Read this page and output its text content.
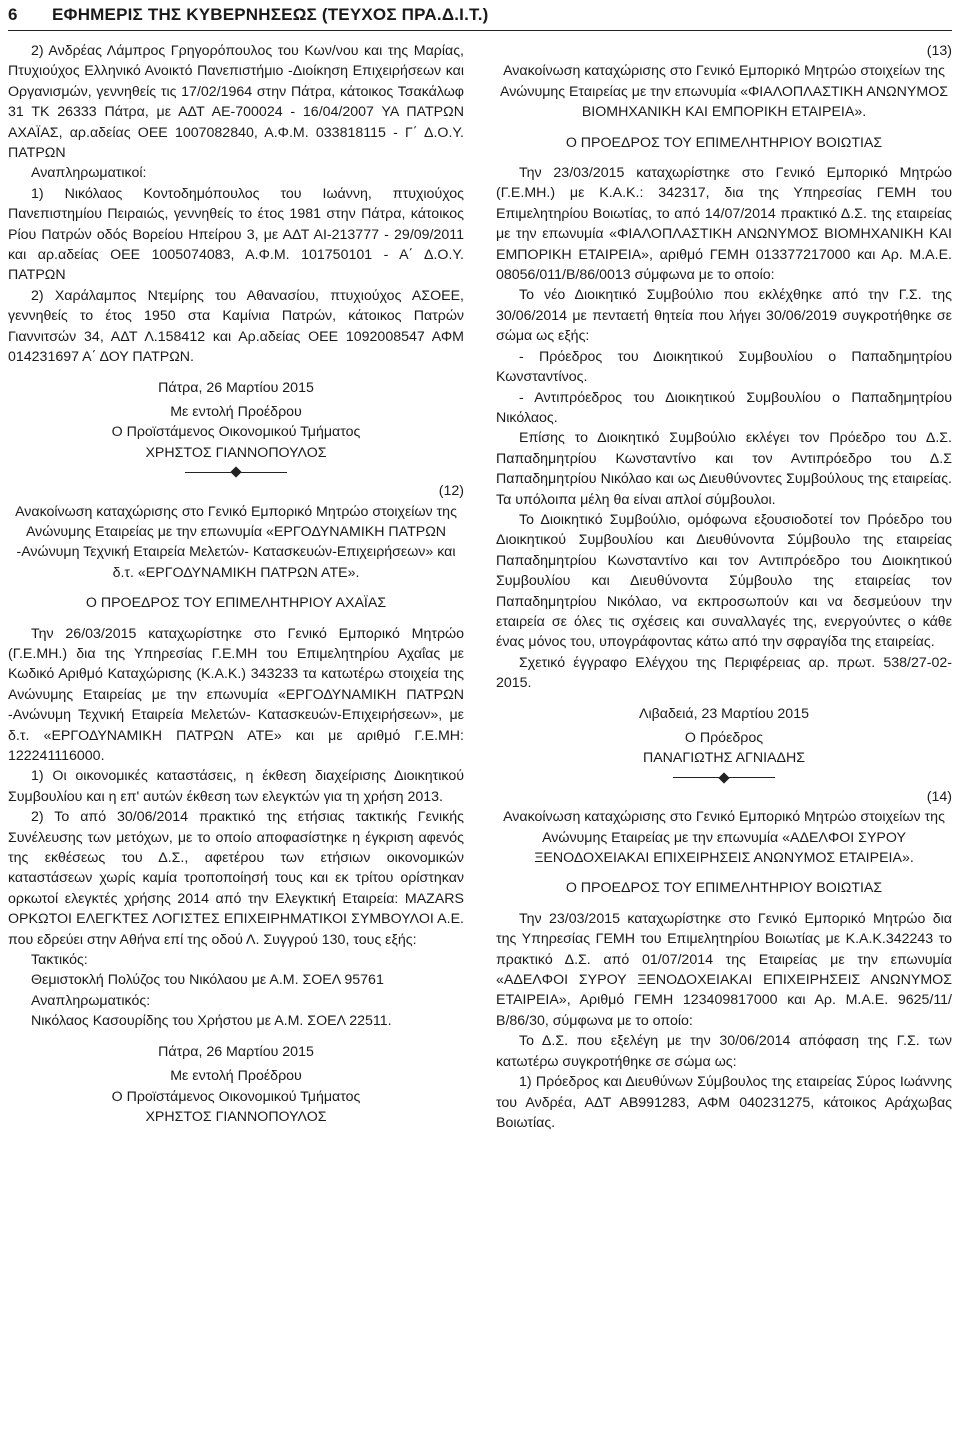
6	ΕΦΗΜΕΡΙΣ ΤΗΣ ΚΥΒΕΡΝΗΣΕΩΣ (ΤΕΥΧΟΣ ΠΡΑ.Δ.Ι.Τ.)

2) Ανδρέας Λάμπρος Γρηγορόπουλος του Κων/νου και της Μαρίας, Πτυχιούχος Ελληνικό Ανοικτό Πανεπιστήμιο -Διοίκηση Επιχειρήσεων και Οργανισμών, γεννηθείς τις 17/02/1964 στην Πάτρα, κάτοικος Τσακάλωφ 31 ΤΚ 26333 Πάτρα, με ΑΔΤ ΑΕ-700024 - 16/04/2007 ΥΑ ΠΑΤΡΩΝ ΑΧΑΪΑΣ, αρ.αδείας ΟΕΕ 1007082840, Α.Φ.Μ. 033818115 - Γ΄ Δ.Ο.Υ. ΠΑΤΡΩΝ

Αναπληρωματικοί:

1) Νικόλαος Κοντοδημόπουλος του Ιωάννη, πτυχιούχος Πανεπιστημίου Πειραιώς, γεννηθείς το έτος 1981 στην Πάτρα, κάτοικος Ρίου Πατρών οδός Βορείου Ηπείρου 3, με ΑΔΤ ΑΙ-213777 - 29/09/2011 και αρ.αδείας ΟΕΕ 1005074083, Α.Φ.Μ. 101750101 - Α΄ Δ.Ο.Υ. ΠΑΤΡΩΝ

2) Χαράλαμπος Ντεμίρης του Αθανασίου, πτυχιούχος ΑΣΟΕΕ, γεννηθείς το έτος 1950 στα Καμίνια Πατρών, κάτοικος Πατρών Γιαννιτσών 34, ΑΔΤ Λ.158412 και Αρ.αδείας ΟΕΕ 1092008547 ΑΦΜ 014231697 Α΄ ΔΟΥ ΠΑΤΡΩΝ.

Πάτρα, 26 Μαρτίου 2015

Με εντολή Προέδρου

Ο Προϊστάμενος Οικονομικού Τμήματος

ΧΡΗΣΤΟΣ ΓΙΑΝΝΟΠΟΥΛΟΣ

(12)

Ανακοίνωση καταχώρισης στο Γενικό Εμπορικό Μητρώο στοιχείων της Ανώνυμης Εταιρείας με την επωνυμία «ΕΡΓΟΔΥΝΑΜΙΚΗ ΠΑΤΡΩΝ -Ανώνυμη Τεχνική Εταιρεία Μελετών- Κατασκευών-Επιχειρήσεων» και δ.τ. «ΕΡΓΟΔΥΝΑΜΙΚΗ ΠΑΤΡΩΝ ΑΤΕ».

Ο ΠΡΟΕΔΡΟΣ ΤΟΥ ΕΠΙΜΕΛΗΤΗΡΙΟΥ ΑΧΑΪΑΣ

Την 26/03/2015 καταχωρίστηκε στο Γενικό Εμπορικό Μητρώο (Γ.Ε.ΜΗ.) δια της Υπηρεσίας Γ.Ε.ΜΗ του Επιμελητηρίου Αχαΐας με Κωδικό Αριθμό Καταχώρισης (Κ.Α.Κ.) 343233 τα κατωτέρω στοιχεία της Ανώνυμης Εταιρείας με την επωνυμία «ΕΡΓΟΔΥΝΑΜΙΚΗ ΠΑΤΡΩΝ -Ανώνυμη Τεχνική Εταιρεία Μελετών- Κατασκευών-Επιχειρήσεων», με δ.τ. «ΕΡΓΟΔΥΝΑΜΙΚΗ ΠΑΤΡΩΝ ΑΤΕ» και με αριθμό Γ.Ε.ΜΗ: 122241116000.

1) Οι οικονομικές καταστάσεις, η έκθεση διαχείρισης Διοικητικού Συμβουλίου και η επ' αυτών έκθεση των ελεγκτών για τη χρήση 2013.

2) Το από 30/06/2014 πρακτικό της ετήσιας τακτικής Γενικής Συνέλευσης των μετόχων, με το οποίο αποφασίστηκε η έγκριση αφενός της εκθέσεως του Δ.Σ., αφετέρου των ετήσιων οικονομικών καταστάσεων χωρίς καμία τροποποίησή τους και εκ τρίτου ορίστηκαν ορκωτοί ελεγκτές χρήσης 2014 από την Ελεγκτική Εταιρεία: MAZARS ΟΡΚΩΤΟΙ ΕΛΕΓΚΤΕΣ ΛΟΓΙΣΤΕΣ ΕΠΙΧΕΙΡΗΜΑΤΙΚΟΙ ΣΥΜΒΟΥΛΟΙ Α.Ε. που εδρεύει στην Αθήνα επί της οδού Λ. Συγγρού 130, τους εξής:

Τακτικός:

Θεμιστοκλή Πολύζος του Νικόλαου με Α.Μ. ΣΟΕΛ 95761

Αναπληρωματικός:

Νικόλαος Κασουρίδης του Χρήστου με Α.Μ. ΣΟΕΛ 22511.

Πάτρα, 26 Μαρτίου 2015

Με εντολή Προέδρου

Ο Προϊστάμενος Οικονομικού Τμήματος

ΧΡΗΣΤΟΣ ΓΙΑΝΝΟΠΟΥΛΟΣ

(13)

Ανακοίνωση καταχώρισης στο Γενικό Εμπορικό Μητρώο στοιχείων της Ανώνυμης Εταιρείας με την επωνυμία «ΦΙΑΛΟΠΛΑΣΤΙΚΗ ΑΝΩΝΥΜΟΣ ΒΙΟΜΗΧΑΝΙΚΗ ΚΑΙ ΕΜΠΟΡΙΚΗ ΕΤΑΙΡΕΙΑ».

Ο ΠΡΟΕΔΡΟΣ ΤΟΥ ΕΠΙΜΕΛΗΤΗΡΙΟΥ ΒΟΙΩΤΙΑΣ

Την 23/03/2015 καταχωρίστηκε στο Γενικό Εμπορικό Μητρώο (Γ.Ε.ΜΗ.) με Κ.Α.Κ.: 342317, δια της Υπηρεσίας ΓΕΜΗ του Επιμελητηρίου Βοιωτίας, το από 14/07/2014 πρακτικό Δ.Σ. της εταιρείας με την επωνυμία «ΦΙΑΛΟΠΛΑΣΤΙΚΗ ΑΝΩΝΥΜΟΣ ΒΙΟΜΗΧΑΝΙΚΗ ΚΑΙ ΕΜΠΟΡΙΚΗ ΕΤΑΙΡΕΙΑ», αριθμό ΓΕΜΗ 013377217000 και Αρ. Μ.Α.Ε. 08056/011/Β/86/0013 σύμφωνα με το οποίο:

Το νέο Διοικητικό Συμβούλιο που εκλέχθηκε από την Γ.Σ. της 30/06/2014 με πενταετή θητεία που λήγει 30/06/2019 συγκροτήθηκε σε σώμα ως εξής:

- Πρόεδρος του Διοικητικού Συμβουλίου ο Παπαδημητρίου Κωνσταντίνος.

- Αντιπρόεδρος του Διοικητικού Συμβουλίου ο Παπαδημητρίου Νικόλαος.

Επίσης το Διοικητικό Συμβούλιο εκλέγει τον Πρόεδρο του Δ.Σ. Παπαδημητρίου Κωνσταντίνο και τον Αντιπρόεδρο του Δ.Σ Παπαδημητρίου Νικόλαο και ως Διευθύνοντες Συμβούλους της εταιρείας. Τα υπόλοιπα μέλη θα είναι απλοί σύμβουλοι.

Το Διοικητικό Συμβούλιο, ομόφωνα εξουσιοδοτεί τον Πρόεδρο του Διοικητικού Συμβουλίου και Διευθύνοντα Σύμβουλο της εταιρείας Παπαδημητρίου Κωνσταντίνο και τον Αντιπρόεδρο του Διοικητικού Συμβουλίου και Διευθύνοντα Σύμβουλο της εταιρείας τον Παπαδημητρίου Νικόλαο, να εκπροσωπούν και να δεσμεύουν την εταιρεία σε όλες τις σχέσεις και συναλλαγές της, ενεργούντες ο κάθε ένας μόνος του, υπογράφοντας κάτω από την σφραγίδα της εταιρείας.

Σχετικό έγγραφο Ελέγχου της Περιφέρειας αρ. πρωτ. 538/27-02-2015.

Λιβαδειά, 23 Μαρτίου 2015

Ο Πρόεδρος

ΠΑΝΑΓΙΩΤΗΣ ΑΓΝΙΑΔΗΣ

(14)

Ανακοίνωση καταχώρισης στο Γενικό Εμπορικό Μητρώο στοιχείων της Ανώνυμης Εταιρείας με την επωνυμία «ΑΔΕΛΦΟΙ ΣΥΡΟΥ ΞΕΝΟΔΟΧΕΙΑΚΑΙ ΕΠΙΧΕΙΡΗΣΕΙΣ ΑΝΩΝΥΜΟΣ ΕΤΑΙΡΕΙΑ».

Ο ΠΡΟΕΔΡΟΣ ΤΟΥ ΕΠΙΜΕΛΗΤΗΡΙΟΥ ΒΟΙΩΤΙΑΣ

Την 23/03/2015 καταχωρίστηκε στο Γενικό Εμπορικό Μητρώο δια της Υπηρεσίας ΓΕΜΗ του Επιμελητηρίου Βοιωτίας με Κ.Α.Κ.342243 το πρακτικό Δ.Σ. από 01/07/2014 της Εταιρείας με την επωνυμία «ΑΔΕΛΦΟΙ ΣΥΡΟΥ ΞΕΝΟΔΟΧΕΙΑΚΑΙ ΕΠΙΧΕΙΡΗΣΕΙΣ ΑΝΩΝΥΜΟΣ ΕΤΑΙΡΕΙΑ», Αριθμό ΓΕΜΗ 123409817000 και Αρ. Μ.Α.Ε. 9625/11/Β/86/30, σύμφωνα με το οποίο:

Το Δ.Σ. που εξελέγη με την 30/06/2014 απόφαση της Γ.Σ. των κατωτέρω συγκροτήθηκε σε σώμα ως:

1) Πρόεδρος και Διευθύνων Σύμβουλος της εταιρείας Σύρος Ιωάννης του Ανδρέα, ΑΔΤ ΑΒ991283, ΑΦΜ 040231275, κάτοικος Αράχωβας Βοιωτίας.
